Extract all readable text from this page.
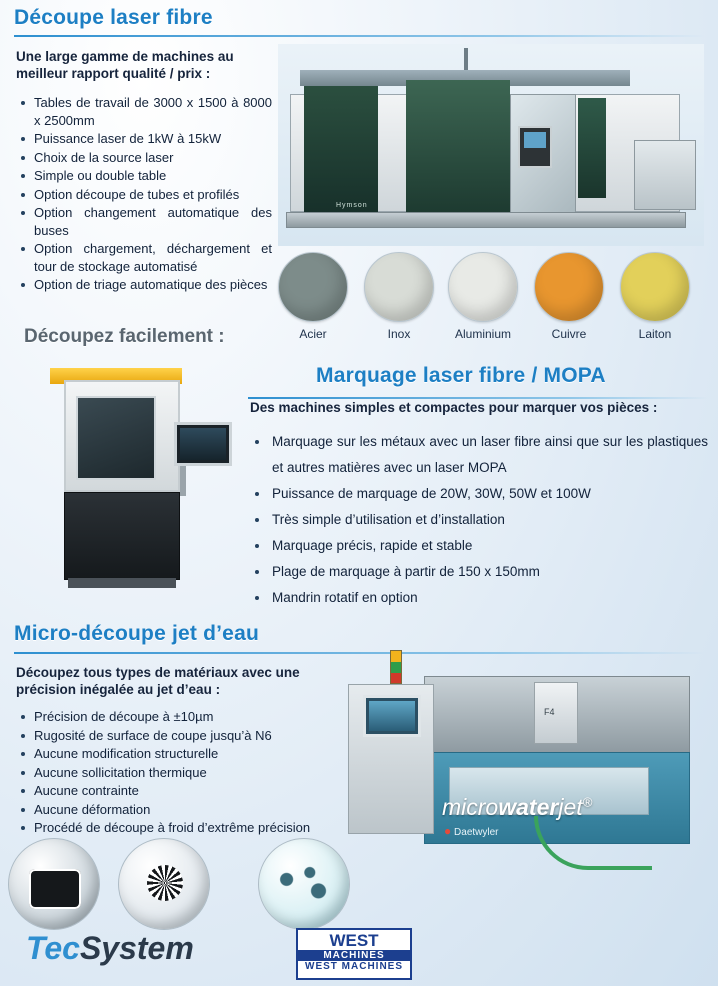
Découpe laser fibre
Une large gamme de machines au meilleur rapport qualité / prix :
Tables de travail de 3000 x 1500 à 8000 x 2500mm
Puissance laser de 1kW à 15kW
Choix de la source laser
Simple ou double table
Option découpe de tubes et profilés
Option changement automatique des buses
Option chargement, déchargement et tour de stockage automatisé
Option de triage automatique des pièces
Hymson
Découpez facilement :	Acier	Inox	Aluminium	Cuivre	Laiton
Marquage laser fibre / MOPA
Des machines simples et compactes pour marquer vos pièces :
Marquage sur les métaux avec un laser fibre ainsi que sur les plastiques et autres matières avec un laser MOPA
Puissance de marquage de 20W, 30W, 50W et 100W
Très simple d’utilisation et d’installation
Marquage précis, rapide et stable
Plage de marquage à partir de 150 x 150mm
Mandrin rotatif en option
Micro-découpe jet d’eau
Découpez tous types de matériaux avec une précision inégalée au jet d’eau :
Précision de découpe à ±10µm
Rugosité de surface de coupe jusqu’à N6
Aucune modification structurelle
Aucune sollicitation thermique
Aucune contrainte
Aucune déformation
Procédé de découpe à froid d’extrême précision
F4
microwaterjet®
● Daetwyler
TecSystem	WEST
MACHINES
WEST MACHINES
